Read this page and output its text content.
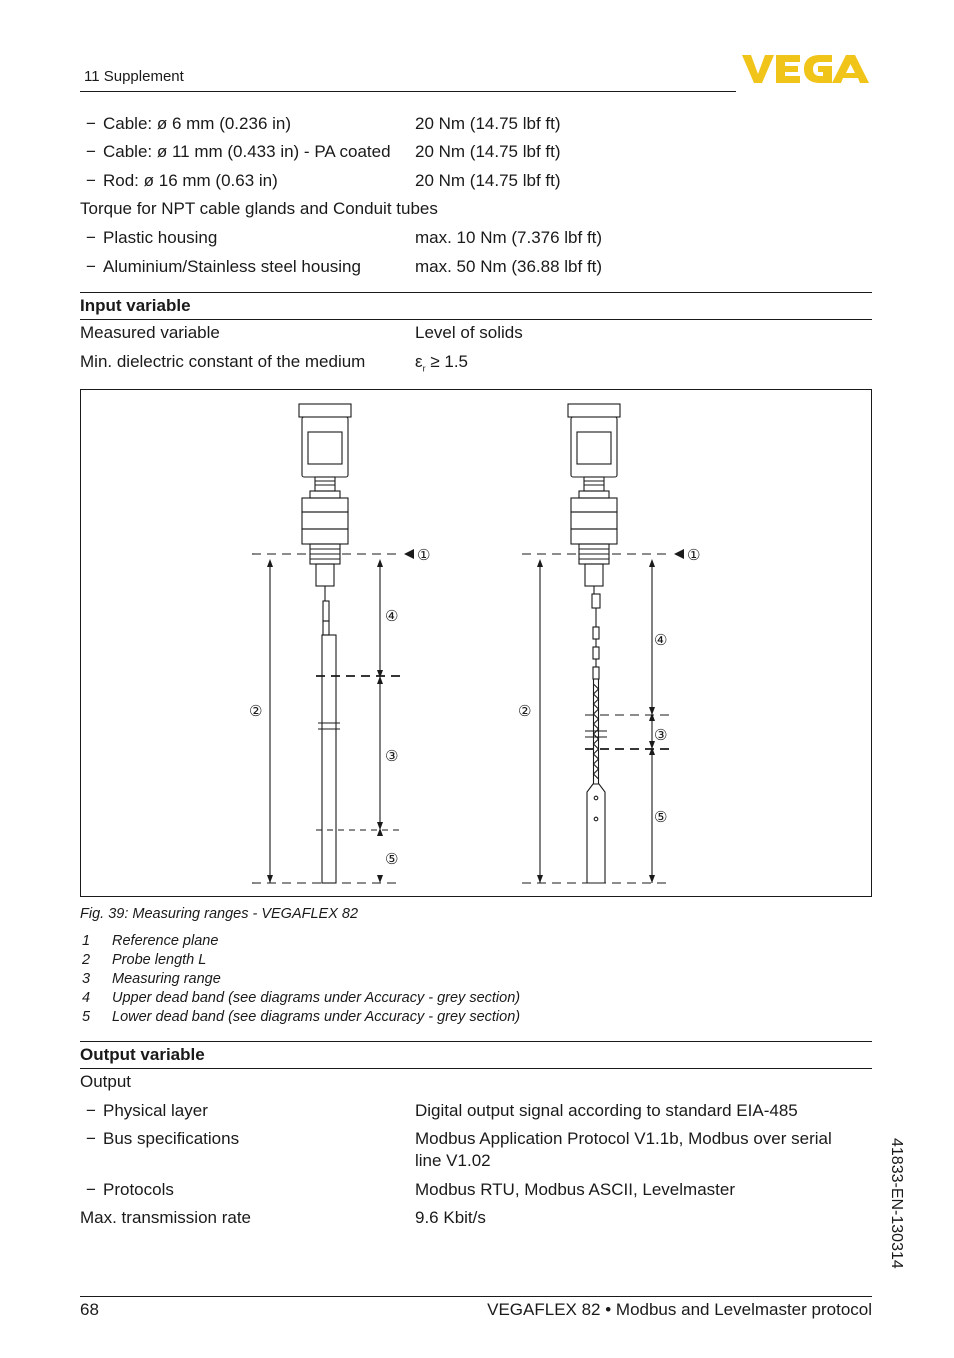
11 Supplement
− Cable: ø 6 mm (0.236 in)	20 Nm (14.75 lbf ft)
− Cable: ø 11 mm (0.433 in) - PA coated 20 Nm (14.75 lbf ft)
− Rod: ø 16 mm (0.63 in)	20 Nm (14.75 lbf ft)
Torque for NPT cable glands and Conduit tubes
− Plastic housing	max. 10 Nm (7.376 lbf ft)
− Aluminium/Stainless steel housing	max. 50 Nm (36.88 lbf ft)
Input variable
Measured variable	Level of solids
Min. dielectric constant of the medium	$\varepsilon_r \ge 1.5$
①
②
④
③
⑤
①
②
④
③
⑤
Fig. 39: Measuring ranges - VEGAFLEX 82
1 Reference plane
2 Probe length L
3 Measuring range
4 Upper dead band (see diagrams under Accuracy - grey section)
5 Lower dead band (see diagrams under Accuracy - grey section)
Output variable
Output
− Physical layer	Digital output signal according to standard EIA-485
− Bus specifications	Modbus Application Protocol V1.1b, Modbus over serial
line V1.02
− Protocols	Modbus RTU, Modbus ASCII, Levelmaster
Max. transmission rate	9.6 Kbit/s	41833-EN-130314
68	VEGAFLEX 82 • Modbus and Levelmaster protocol
